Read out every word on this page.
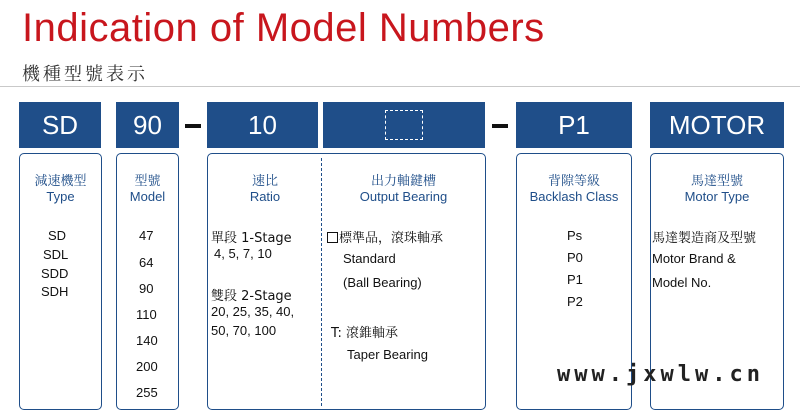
Indication of Model Numbers
機種型號表示
SD 90	10	P1	MOTOR
減速機型
Type
SD
SDL
SDD
SDH
型號
Model
47
64
90
110
140
200
255
速比
Ratio
單段 1-Stage
4, 5, 7, 10
雙段 2-Stage
20, 25, 35, 40,
50, 70, 100
出力軸鍵槽
Output Bearing
標準品，滾珠軸承
Standard
(Ball Bearing)
T: 滾錐軸承
Taper Bearing
背隙等級
Backlash Class
Ps
P0
P1
P2
馬達型號
Motor Type
馬達製造商及型號
Motor Brand &
Model No.
www.jxwlw.cn
